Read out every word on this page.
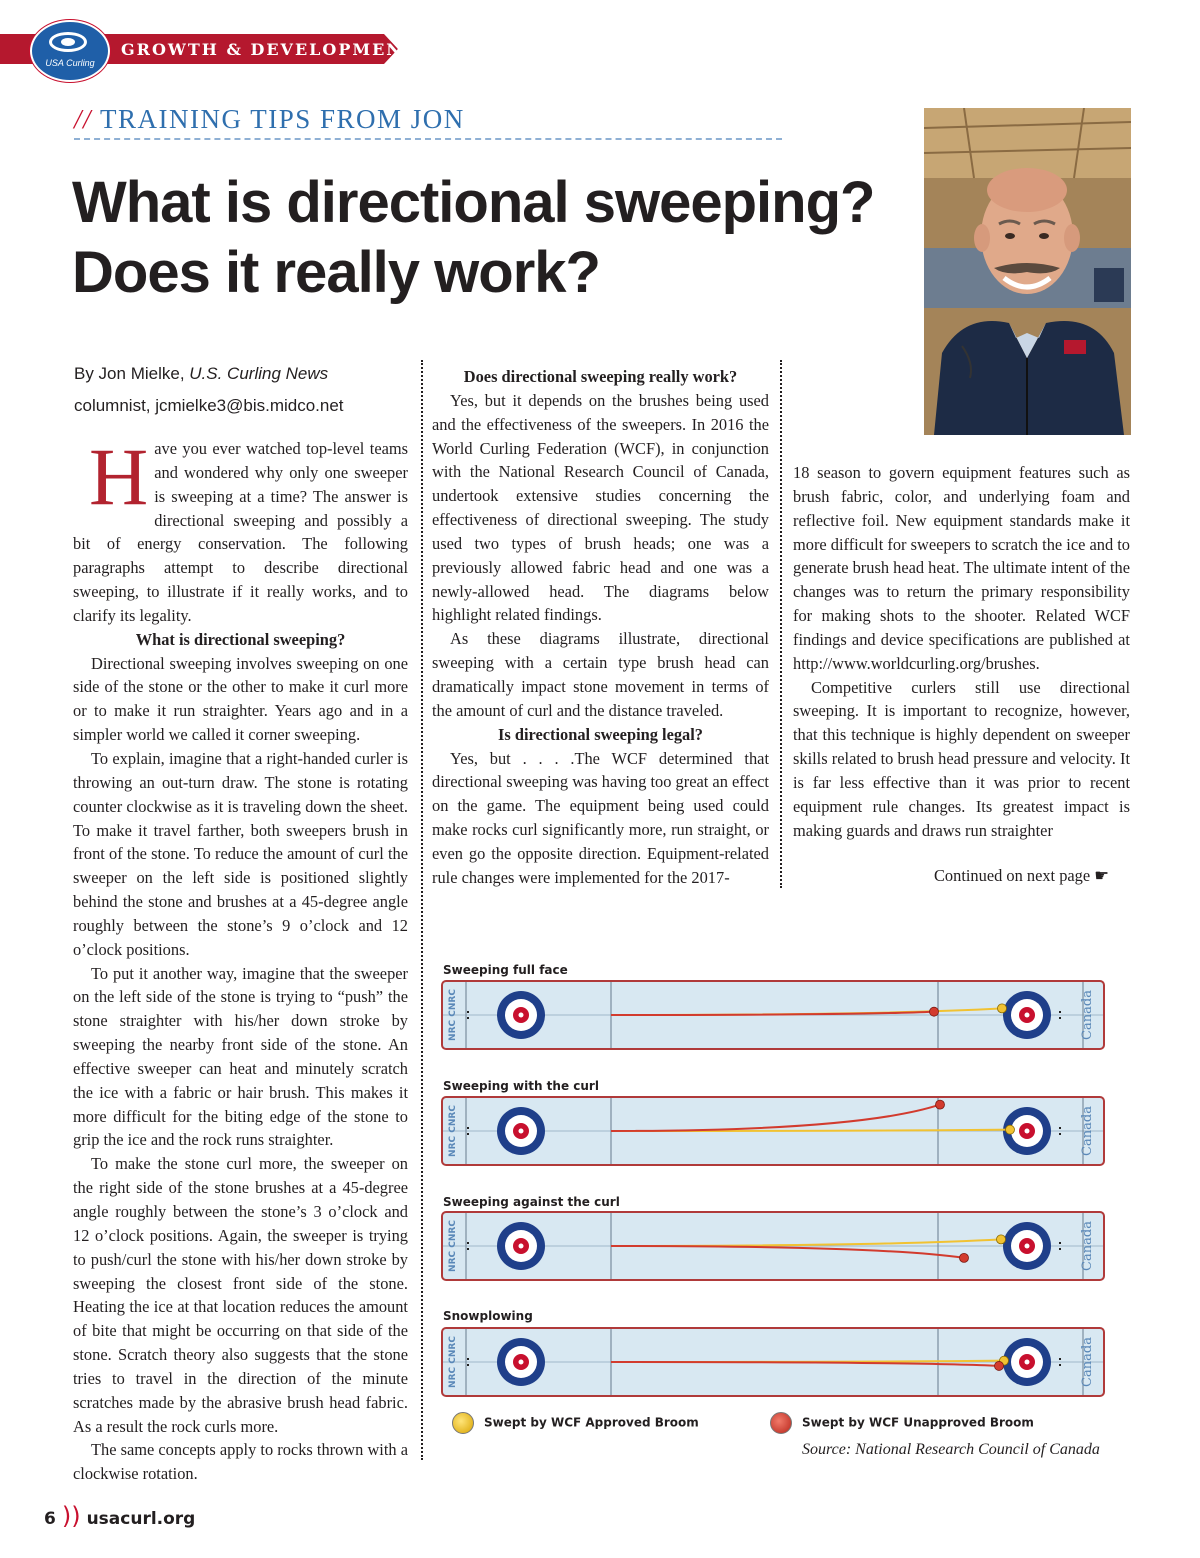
USA Curling
GROWTH & DEVELOPMENT
// TRAINING TIPS FROM JON
What is directional sweeping?
Does it really work?
By Jon Mielke, U.S. Curling News
columnist, jcmielke3@bis.midco.net

Have you ever watched top-level teams and wondered why only one sweeper is sweeping at a time? The answer is directional sweeping and possibly a bit of energy conservation. The following paragraphs attempt to describe directional sweeping, to illustrate if it really works, and to clarify its legality.

What is directional sweeping?

Directional sweeping involves sweeping on one side of the stone or the other to make it curl more or to make it run straighter. Years ago and in a simpler world we called it corner sweeping.

To explain, imagine that a right-handed curler is throwing an out-turn draw. The stone is rotating counter clockwise as it is traveling down the sheet. To make it travel farther, both sweepers brush in front of the stone. To reduce the amount of curl the sweeper on the left side is positioned slightly behind the stone and brushes at a 45-degree angle roughly between the stone’s 9 o’clock and 12 o’clock positions.

To put it another way, imagine that the sweeper on the left side of the stone is trying to “push” the stone straighter with his/her down stroke by sweeping the nearby front side of the stone. An effective sweeper can heat and minutely scratch the ice with a fabric or hair brush. This makes it more difficult for the biting edge of the stone to grip the ice and the rock runs straighter.

To make the stone curl more, the sweeper on the right side of the stone brushes at a 45-degree angle roughly between the stone’s 3 o’clock and 12 o’clock positions. Again, the sweeper is trying to push/curl the stone with his/her down stroke by sweeping the closest front side of the stone. Heating the ice at that location reduces the amount of bite that might be occurring on that side of the stone. Scratch theory also suggests that the stone tries to travel in the direction of the minute scratches made by the abrasive brush head fabric. As a result the rock curls more.

The same concepts apply to rocks thrown with a clockwise rotation.

Does directional sweeping really work?

Yes, but it depends on the brushes being used and the effectiveness of the sweepers. In 2016 the World Curling Federation (WCF), in conjunction with the National Research Council of Canada, undertook extensive studies concerning the effectiveness of directional sweeping. The study used two types of brush heads; one was a previously allowed fabric head and one was a newly-allowed head. The diagrams below highlight related findings.

As these diagrams illustrate, directional sweeping with a certain type brush head can dramatically impact stone movement in terms of the amount of curl and the distance traveled.

Is directional sweeping legal?

Yes, but . . . .The WCF determined that directional sweeping was having too great an effect on the game. The equipment being used could make rocks curl significantly more, run straight, or even go the opposite direction. Equipment-related rule changes were implemented for the 2017-

18 season to govern equipment features such as brush fabric, color, and underlying foam and reflective foil. New equipment standards make it more difficult for sweepers to scratch the ice and to generate brush head heat. The ultimate intent of the changes was to return the primary responsibility for making shots to the shooter. Related WCF findings and device specifications are published at http://www.worldcurling.org/brushes.

Competitive curlers still use directional sweeping. It is important to recognize, however, that this technique is highly dependent on sweeper skills related to brush head pressure and velocity. It is far less effective than it was prior to recent equipment rule changes. Its greatest impact is making guards and draws run straighter

Continued on next page ☛
Sweeping full face
NRC CNRC	Canada
Sweeping with the curl
NRC CNRC	Canada
Sweeping against the curl
NRC CNRC	Canada
Snowplowing
NRC CNRC	Canada
Swept by WCF Approved Broom	Swept by WCF Unapproved Broom
Source: National Research Council of Canada
6 )) usacurl.org
